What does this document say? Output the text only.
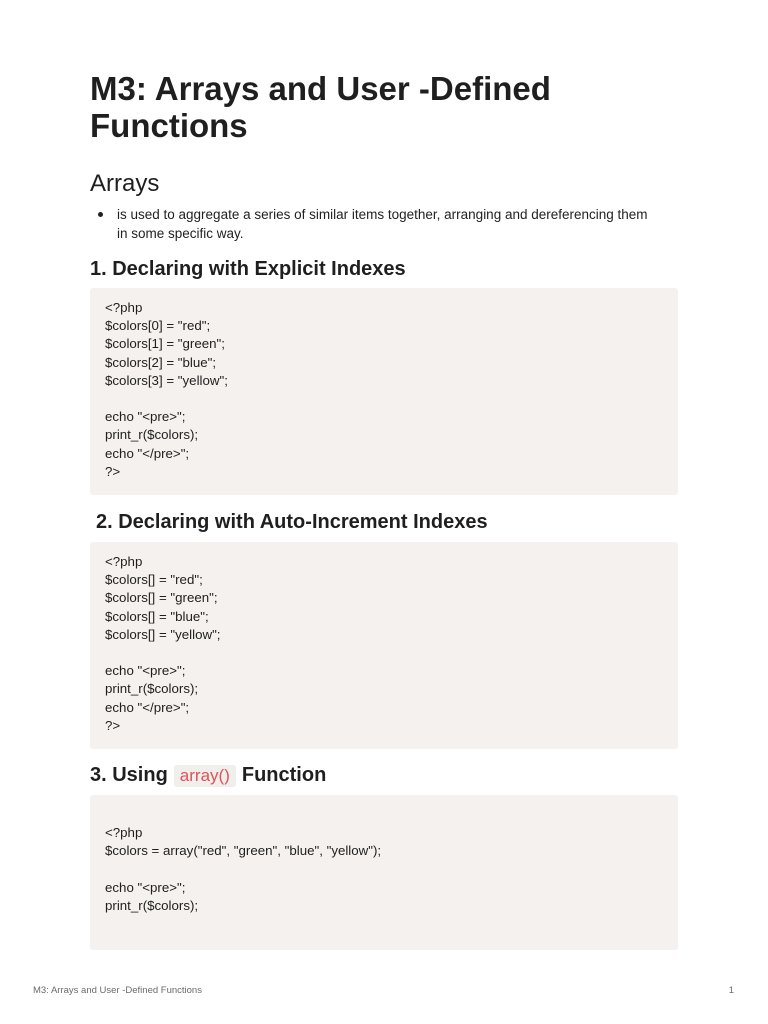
M3: Arrays and User -Defined Functions
Arrays
is used to aggregate a series of similar items together, arranging and dereferencing them in some specific way.
1. Declaring with Explicit Indexes
<?php
$colors[0] = "red";
$colors[1] = "green";
$colors[2] = "blue";
$colors[3] = "yellow";

echo "<pre>";
print_r($colors);
echo "</pre>";
?>
2. Declaring with Auto-Increment Indexes
<?php
$colors[] = "red";
$colors[] = "green";
$colors[] = "blue";
$colors[] = "yellow";

echo "<pre>";
print_r($colors);
echo "</pre>";
?>
3. Using array() Function

<?php
$colors = array("red", "green", "blue", "yellow");

echo "<pre>";
print_r($colors);
M3: Arrays and User -Defined Functions	1
